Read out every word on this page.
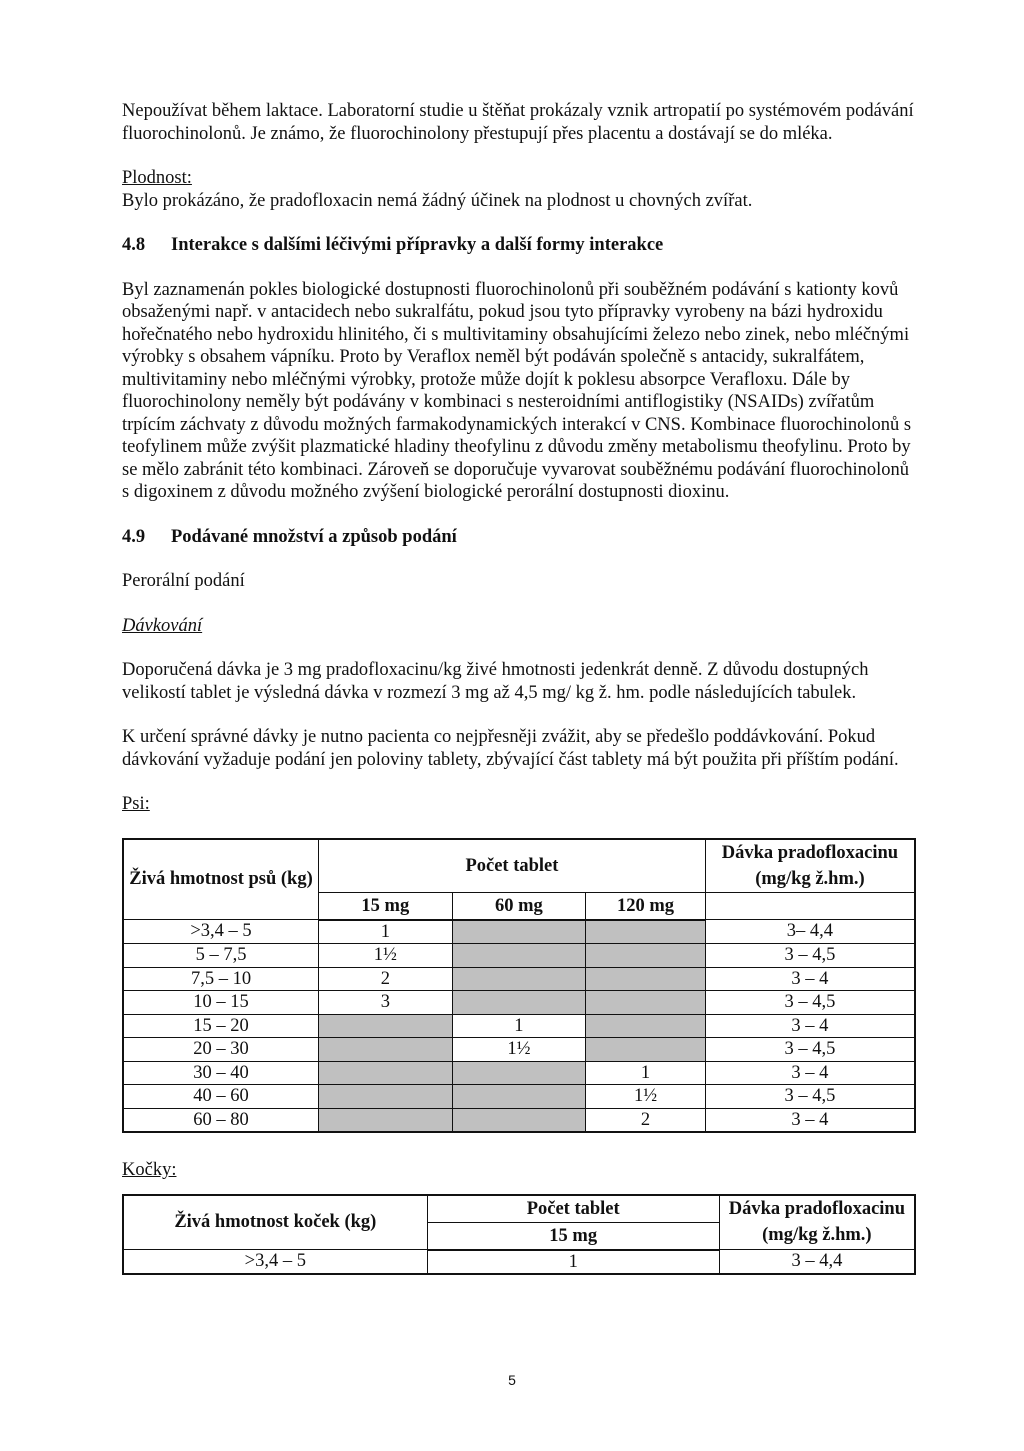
Nepoužívat během laktace. Laboratorní studie u štěňat prokázaly vznik artropatií po systémovém podávání fluorochinolonů. Je známo, že fluorochinolony přestupují přes placentu a dostávají se do mléka.

Plodnost:

Bylo prokázáno, že pradofloxacin nemá žádný účinek na plodnost u chovných zvířat.

4.8	Interakce s dalšími léčivými přípravky a další formy interakce

Byl zaznamenán pokles biologické dostupnosti fluorochinolonů při souběžném podávání s kationty kovů obsaženými např. v antacidech nebo sukralfátu, pokud jsou tyto přípravky vyrobeny na bázi hydroxidu hořečnatého nebo hydroxidu hlinitého, či s multivitaminy obsahujícími železo nebo zinek, nebo mléčnými výrobky s obsahem vápníku. Proto by Veraflox neměl být podáván společně s antacidy, sukralfátem, multivitaminy nebo mléčnými výrobky, protože může dojít k poklesu absorpce Verafloxu. Dále by fluorochinolony neměly být podávány v kombinaci s nesteroidními antiflogistiky (NSAIDs) zvířatům trpícím záchvaty z důvodu možných farmakodynamických interakcí v CNS. Kombinace fluorochinolonů s teofylinem může zvýšit plazmatické hladiny theofylinu z důvodu změny metabolismu theofylinu. Proto by se mělo zabránit této kombinaci. Zároveň se doporučuje vyvarovat souběžnému podávání fluorochinolonů s digoxinem z důvodu možného zvýšení biologické perorální dostupnosti dioxinu.

4.9	Podávané množství a způsob podání

Perorální podání

Dávkování

Doporučená dávka je 3 mg pradofloxacinu/kg živé hmotnosti jedenkrát denně. Z důvodu dostupných velikostí tablet je výsledná dávka v rozmezí 3 mg až 4,5 mg/ kg ž. hm. podle následujících tabulek.

K určení správné dávky je nutno pacienta co nejpřesněji zvážit, aby se předešlo poddávkování. Pokud dávkování vyžaduje podání jen poloviny tablety, zbývající část tablety má být použita při příštím podání.

Psi:

Živá hmotnost psů (kg)	Počet tablet			Dávka pradofloxacinu (mg/kg ž.hm.)
	15 mg	60 mg	120 mg	
>3,4 – 5	1			3– 4,4
5 – 7,5	1½			3 – 4,5
7,5 – 10	2			3 – 4
10 – 15	3			3 – 4,5
15 – 20		1		3 – 4
20 – 30		1½		3 – 4,5
30 – 40			1	3 – 4
40 – 60			1½	3 – 4,5
60 – 80			2	3 – 4

Kočky:

Živá hmotnost koček (kg)	Počet tablet	Dávka pradofloxacinu (mg/kg ž.hm.)
	15 mg	
>3,4 – 5	1	3 – 4,4
5
